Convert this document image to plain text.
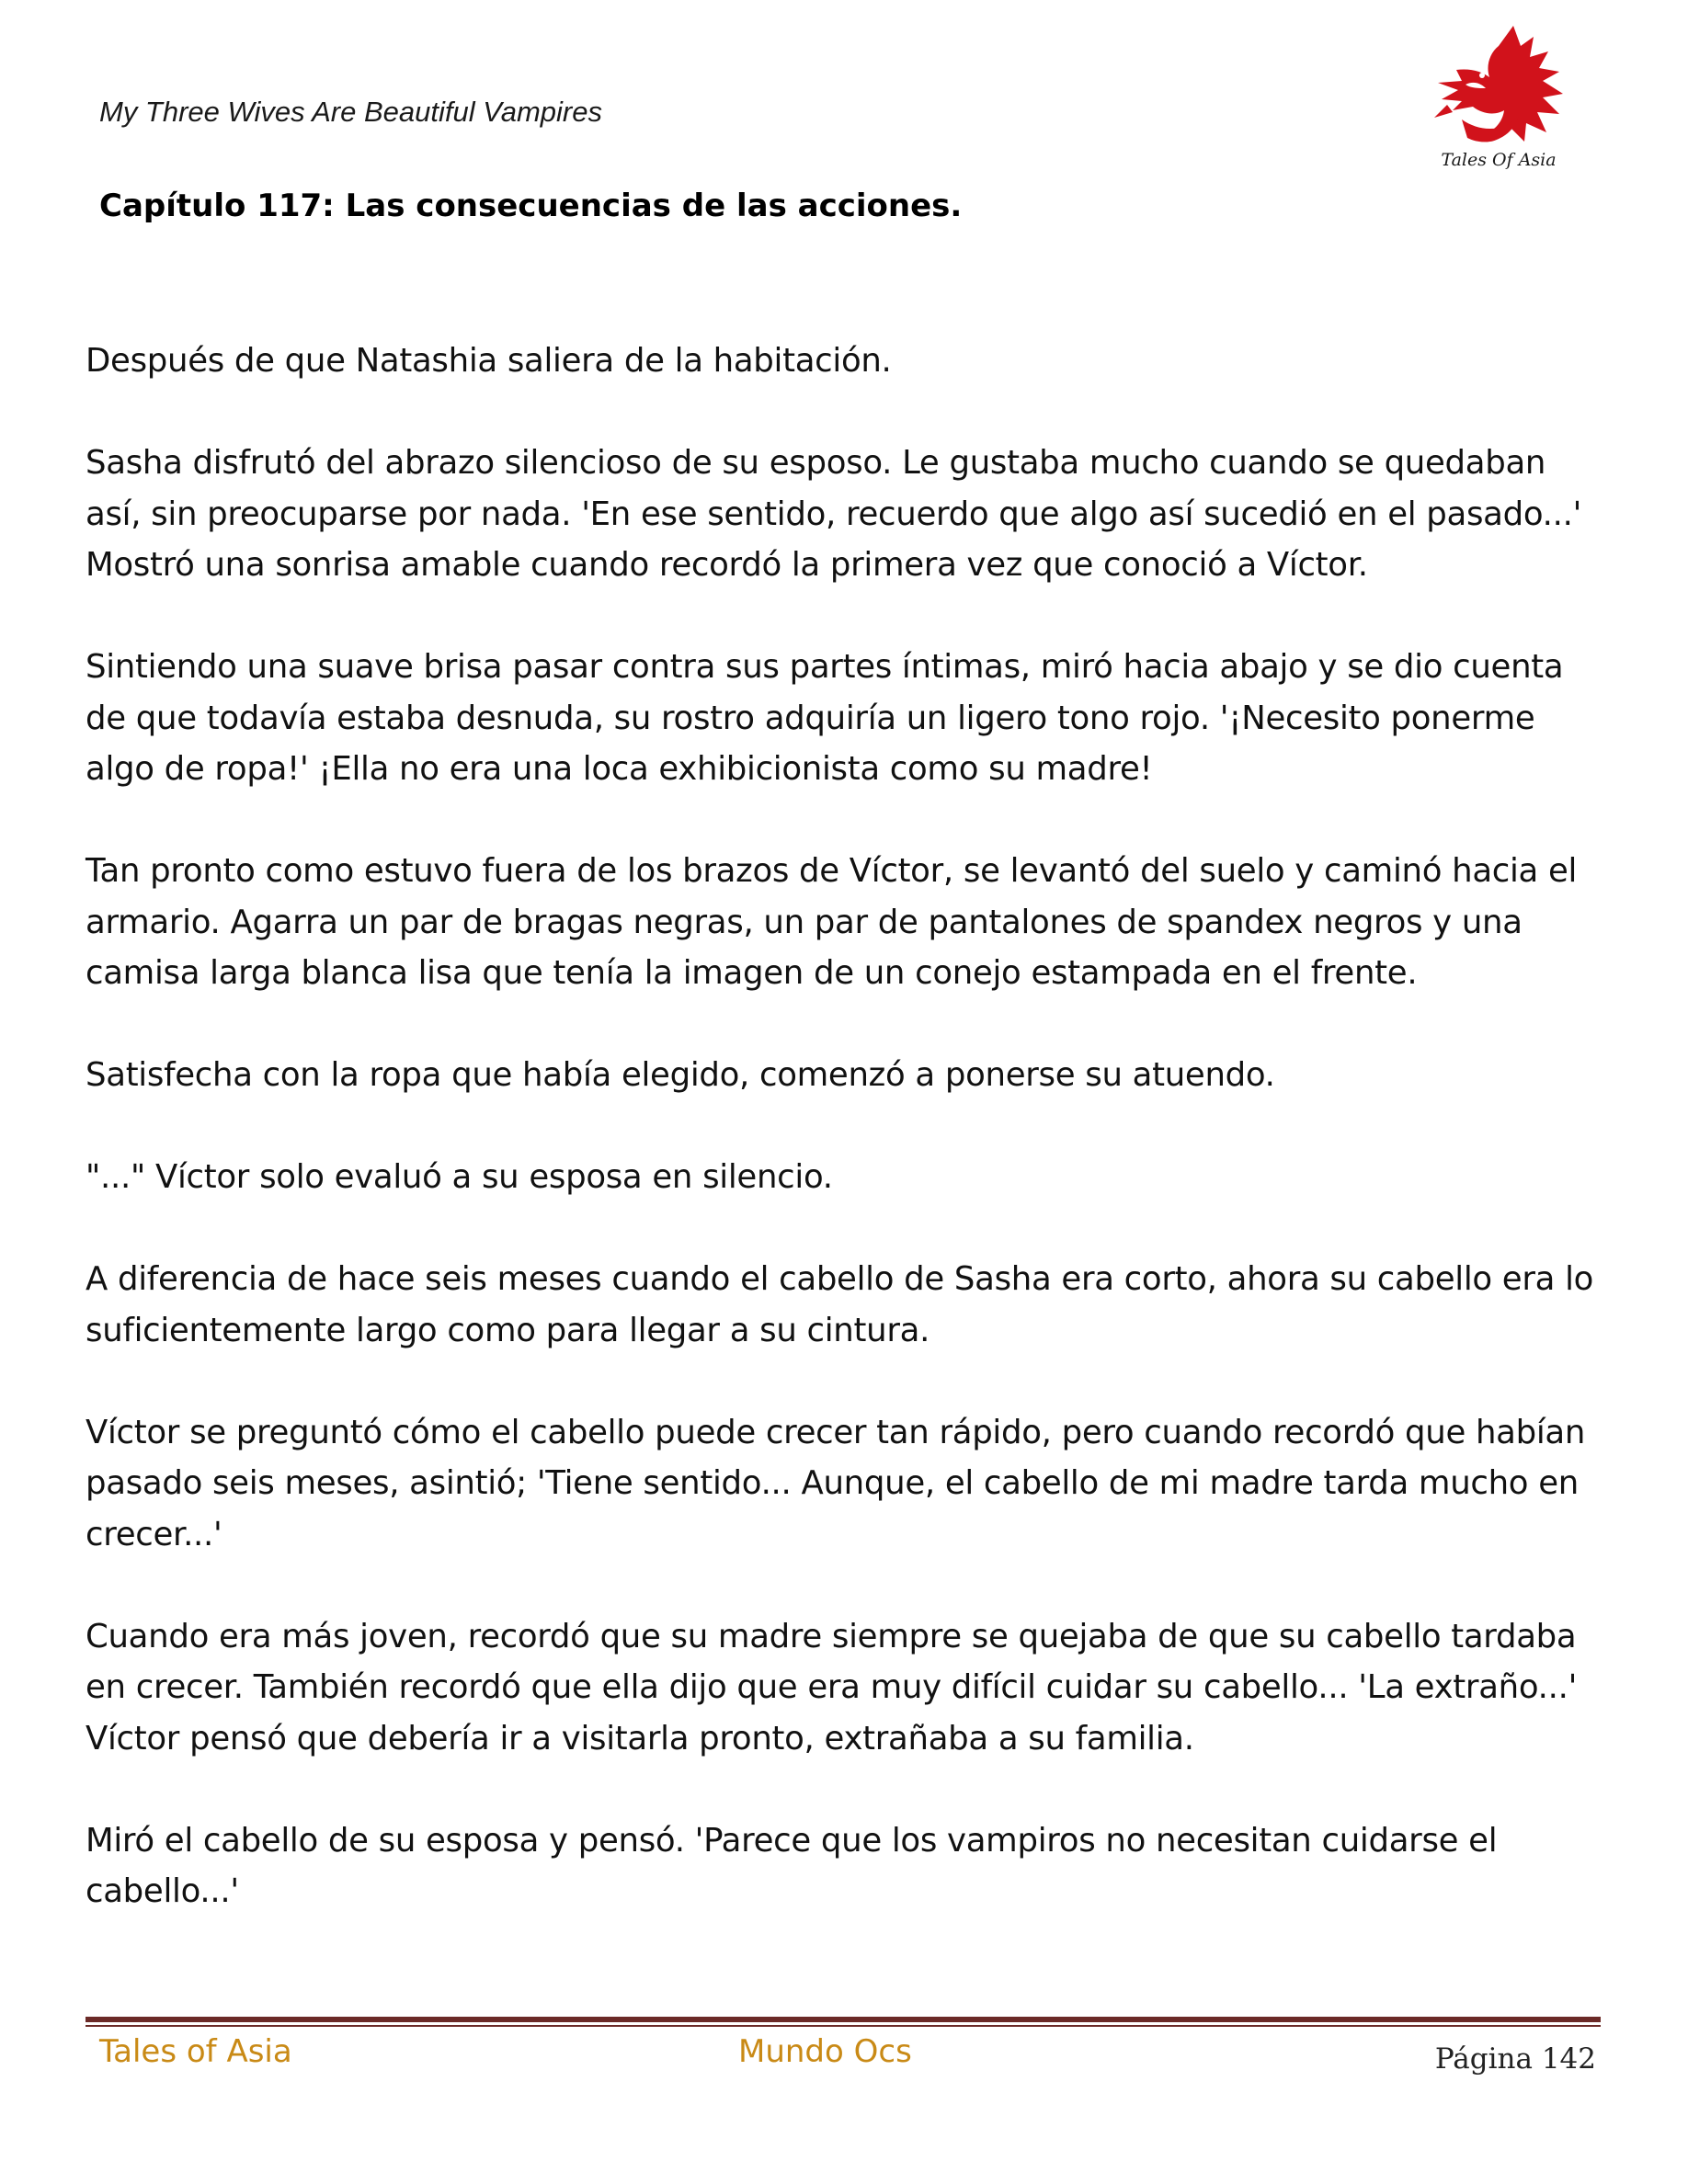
My Three Wives Are Beautiful Vampires
Tales Of Asia
Capítulo 117: Las consecuencias de las acciones.

Después de que Natashia saliera de la habitación.

Sasha disfrutó del abrazo silencioso de su esposo. Le gustaba mucho cuando se quedaban así, sin preocuparse por nada. 'En ese sentido, recuerdo que algo así sucedió en el pasado...' Mostró una sonrisa amable cuando recordó la primera vez que conoció a Víctor.

Sintiendo una suave brisa pasar contra sus partes íntimas, miró hacia abajo y se dio cuenta de que todavía estaba desnuda, su rostro adquiría un ligero tono rojo. '¡Necesito ponerme algo de ropa!' ¡Ella no era una loca exhibicionista como su madre!

Tan pronto como estuvo fuera de los brazos de Víctor, se levantó del suelo y caminó hacia el armario. Agarra un par de bragas negras, un par de pantalones de spandex negros y una camisa larga blanca lisa que tenía la imagen de un conejo estampada en el frente.

Satisfecha con la ropa que había elegido, comenzó a ponerse su atuendo.

"..." Víctor solo evaluó a su esposa en silencio.

A diferencia de hace seis meses cuando el cabello de Sasha era corto, ahora su cabello era lo suficientemente largo como para llegar a su cintura.

Víctor se preguntó cómo el cabello puede crecer tan rápido, pero cuando recordó que habían pasado seis meses, asintió; 'Tiene sentido... Aunque, el cabello de mi madre tarda mucho en crecer...'

Cuando era más joven, recordó que su madre siempre se quejaba de que su cabello tardaba en crecer. También recordó que ella dijo que era muy difícil cuidar su cabello... 'La extraño...' Víctor pensó que debería ir a visitarla pronto, extrañaba a su familia.

Miró el cabello de su esposa y pensó. 'Parece que los vampiros no necesitan cuidarse el cabello...'

Tales of Asia	Mundo Ocs	Página 142
